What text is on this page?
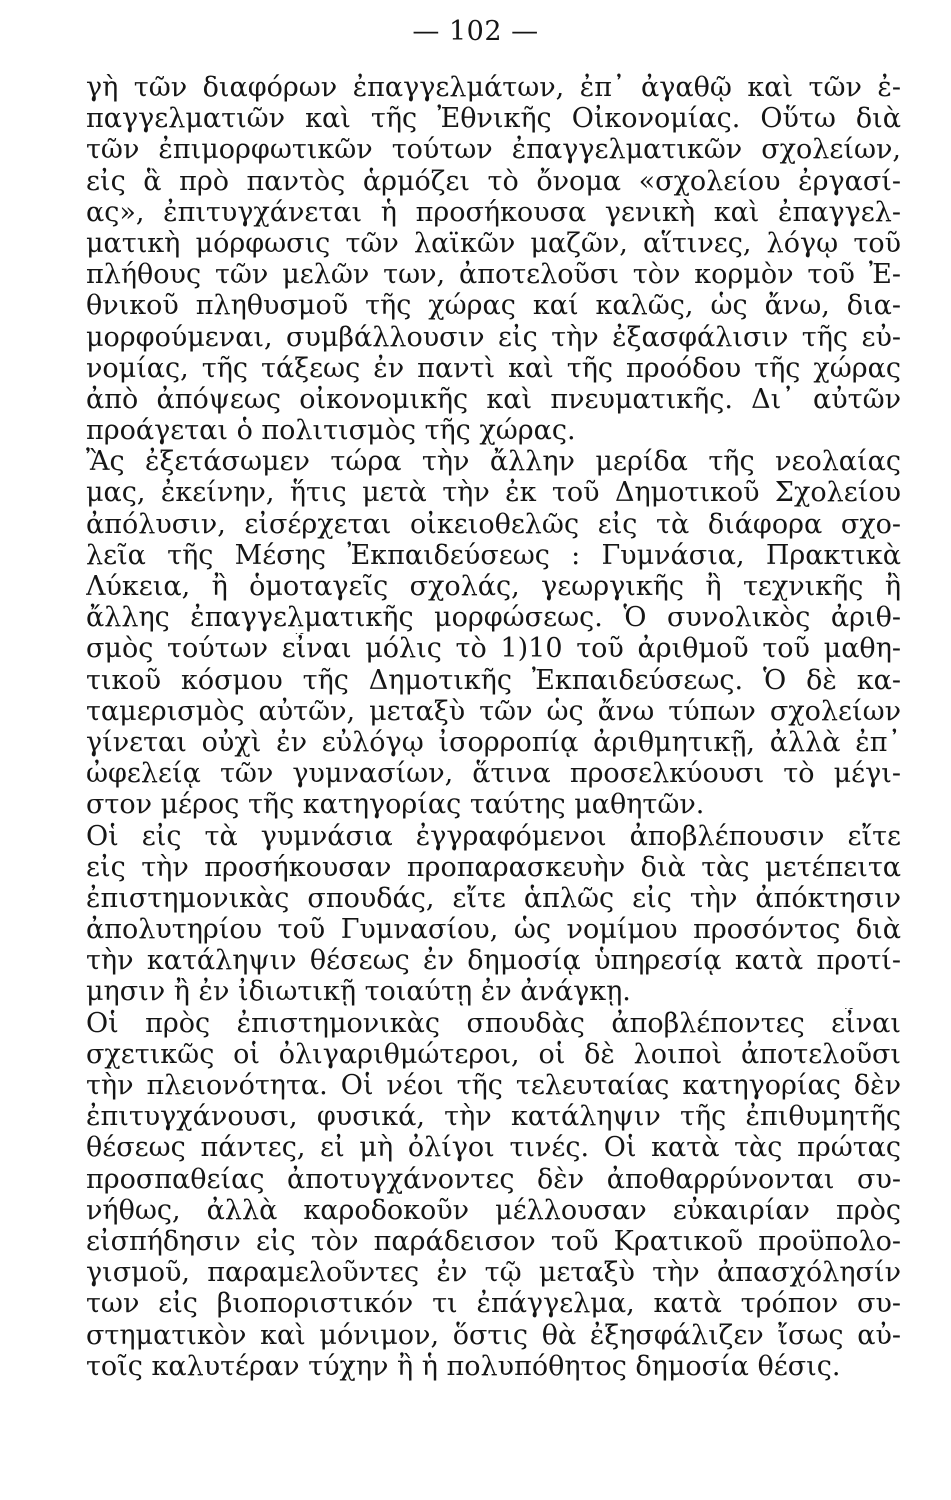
— 102 —
γὴ τῶν διαφόρων ἐπαγγελμάτων, ἐπ᾽ ἀγαθῷ καὶ τῶν ἐ-
παγγελματιῶν καὶ τῆς Ἐθνικῆς Οἰκονομίας. Οὕτω διὰ
τῶν ἐπιμορφωτικῶν τούτων ἐπαγγελματικῶν σχολείων,
εἰς ἃ πρὸ παντὸς ἁρμόζει τὸ ὄνομα «σχολείου ἐργασί-
ας», ἐπιτυγχάνεται ἡ προσήκουσα γενικὴ καὶ ἐπαγγελ-
ματικὴ μόρφωσις τῶν λαϊκῶν μαζῶν, αἵτινες, λόγῳ τοῦ
πλήθους τῶν μελῶν των, ἀποτελοῦσι τὸν κορμὸν τοῦ Ἐ-
θνικοῦ πληθυσμοῦ τῆς χώρας καί καλῶς, ὡς ἄνω, δια-
μορφούμεναι, συμβάλλουσιν εἰς τὴν ἐξασφάλισιν τῆς εὐ-
νομίας, τῆς τάξεως ἐν παντὶ καὶ τῆς προόδου τῆς χώρας
ἀπὸ ἀπόψεως οἰκονομικῆς καὶ πνευματικῆς. Δι᾽ αὐτῶν
προάγεται ὁ πολιτισμὸς τῆς χώρας.
Ἂς ἐξετάσωμεν τώρα τὴν ἄλλην μερίδα τῆς νεολαίας
μας, ἐκείνην, ἥτις μετὰ τὴν ἐκ τοῦ Δημοτικοῦ Σχολείου
ἀπόλυσιν, εἰσέρχεται οἰκειοθελῶς εἰς τὰ διάφορα σχο-
λεῖα τῆς Μέσης Ἐκπαιδεύσεως : Γυμνάσια, Πρακτικὰ
Λύκεια, ἢ ὁμοταγεῖς σχολάς, γεωργικῆς ἢ τεχνικῆς ἢ
ἄλλης ἐπαγγελματικῆς μορφώσεως. Ὁ συνολικὸς ἀριθ-
σμὸς τούτων εἶναι μόλις τὸ 1)10 τοῦ ἀριθμοῦ τοῦ μαθη-
τικοῦ κόσμου τῆς Δημοτικῆς Ἐκπαιδεύσεως. Ὁ δὲ κα-
ταμερισμὸς αὐτῶν, μεταξὺ τῶν ὡς ἄνω τύπων σχολείων
γίνεται οὐχὶ ἐν εὐλόγῳ ἰσορροπίᾳ ἀριθμητικῇ, ἀλλὰ ἐπ᾽
ὠφελείᾳ τῶν γυμνασίων, ἅτινα προσελκύουσι τὸ μέγι-
στον μέρος τῆς κατηγορίας ταύτης μαθητῶν.
Οἱ εἰς τὰ γυμνάσια ἐγγραφόμενοι ἀποβλέπουσιν εἴτε
εἰς τὴν προσήκουσαν προπαρασκευὴν διὰ τὰς μετέπειτα
ἐπιστημονικὰς σπουδάς, εἴτε ἁπλῶς εἰς τὴν ἀπόκτησιν
ἀπολυτηρίου τοῦ Γυμνασίου, ὡς νομίμου προσόντος διὰ
τὴν κατάληψιν θέσεως ἐν δημοσίᾳ ὑπηρεσίᾳ κατὰ προτί-
μησιν ἢ ἐν ἰδιωτικῇ τοιαύτῃ ἐν ἀνάγκῃ.
Οἱ πρὸς ἐπιστημονικὰς σπουδὰς ἀποβλέποντες εἶναι
σχετικῶς οἱ ὀλιγαριθμώτεροι, οἱ δὲ λοιποὶ ἀποτελοῦσι
τὴν πλειονότητα. Οἱ νέοι τῆς τελευταίας κατηγορίας δὲν
ἐπιτυγχάνουσι, φυσικά, τὴν κατάληψιν τῆς ἐπιθυμητῆς
θέσεως πάντες, εἰ μὴ ὀλίγοι τινές. Οἱ κατὰ τὰς πρώτας
προσπαθείας ἀποτυγχάνοντες δὲν ἀποθαρρύνονται συ-
νήθως, ἀλλὰ καροδοκοῦν μέλλουσαν εὐκαιρίαν πρὸς
εἰσπήδησιν εἰς τὸν παράδεισον τοῦ Κρατικοῦ προϋπολο-
γισμοῦ, παραμελοῦντες ἐν τῷ μεταξὺ τὴν ἀπασχόλησίν
των εἰς βιοποριστικόν τι ἐπάγγελμα, κατὰ τρόπον συ-
στηματικὸν καὶ μόνιμον, ὅστις θὰ ἐξησφάλιζεν ἴσως αὐ-
τοῖς καλυτέραν τύχην ἢ ἡ πολυπόθητος δημοσία θέσις.
